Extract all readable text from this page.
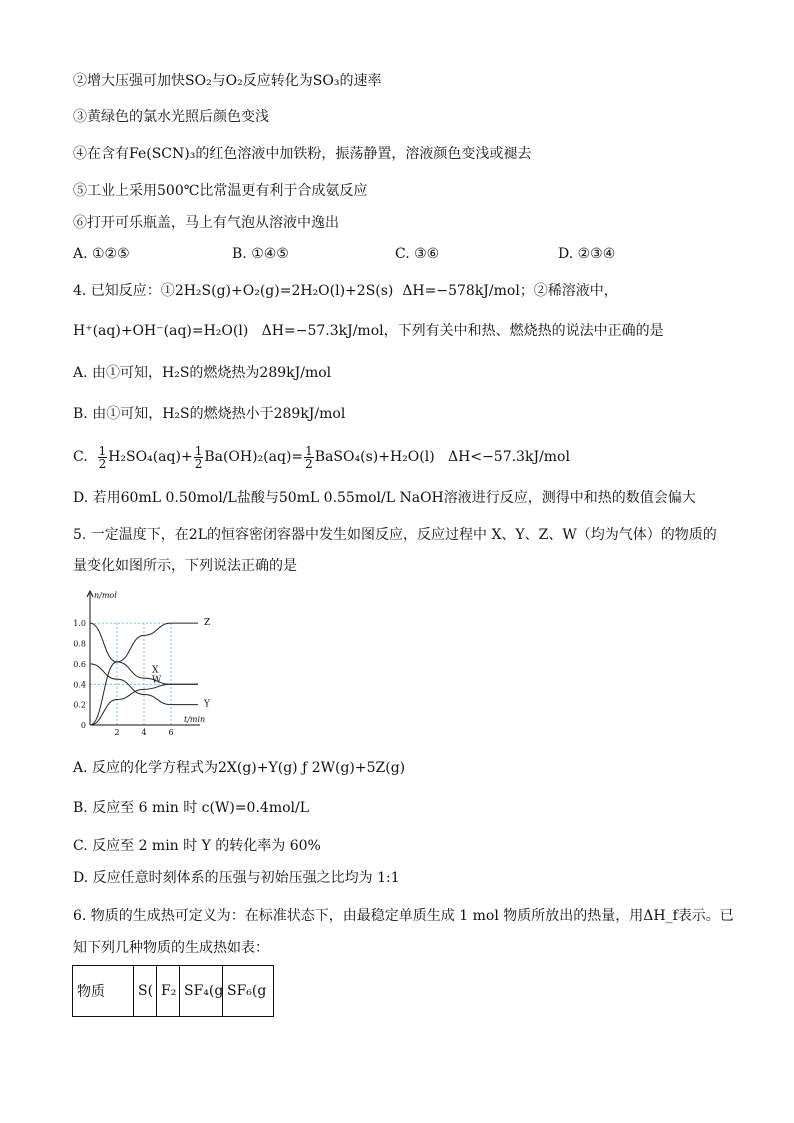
②增大压强可加快SO₂与O₂反应转化为SO₃的速率
③黄绿色的氯水光照后颜色变浅
④在含有Fe(SCN)₃的红色溶液中加铁粉，振荡静置，溶液颜色变浅或褪去
⑤工业上采用500℃比常温更有利于合成氨反应
⑥打开可乐瓶盖，马上有气泡从溶液中逸出
A. ①②⑤	B. ①④⑤	C. ③⑥	D. ②③④
4. 已知反应：①2H₂S(g)+O₂(g)=2H₂O(l)+2S(s) ΔH=−578kJ/mol；②稀溶液中，
H⁺(aq)+OH⁻(aq)=H₂O(l) ΔH=−57.3kJ/mol，下列有关中和热、燃烧热的说法中正确的是
A. 由①可知，H₂S的燃烧热为289kJ/mol
B. 由①可知，H₂S的燃烧热小于289kJ/mol
C. $\frac{1}{2} H_2SO_4(aq)+ \frac{1}{2} Ba(OH)_2(aq)= \frac{1}{2}$ BaSO₄(s)+H₂O(l) ΔH<−57.3kJ/mol
D. 若用60mL 0.50mol/L盐酸与50mL 0.55mol/L NaOH溶液进行反应，测得中和热的数值会偏大
5. 一定温度下，在2L的恒容密闭容器中发生如图反应，反应过程中 X、Y、Z、W（均为气体）的物质的
量变化如图所示，下列说法正确的是
1.0
0.8
0.6
0.4
0.2
0
2	4	6
n/mol
t/min
Z
X
W
Y
A. 反应的化学方程式为2X(g)+Y(g) ƒ 2W(g)+5Z(g)
B. 反应至 6 min 时 c(W)=0.4mol/L
C. 反应至 2 min 时 Y 的转化率为 60%
D. 反应任意时刻体系的压强与初始压强之比均为 1:1
6. 物质的生成热可定义为：在标准状态下，由最稳定单质生成 1 mol 物质所放出的热量，用ΔH_f表示。已
知下列几种物质的生成热如表：
物质	S(	F₂	SF₄(g	SF₆(g
